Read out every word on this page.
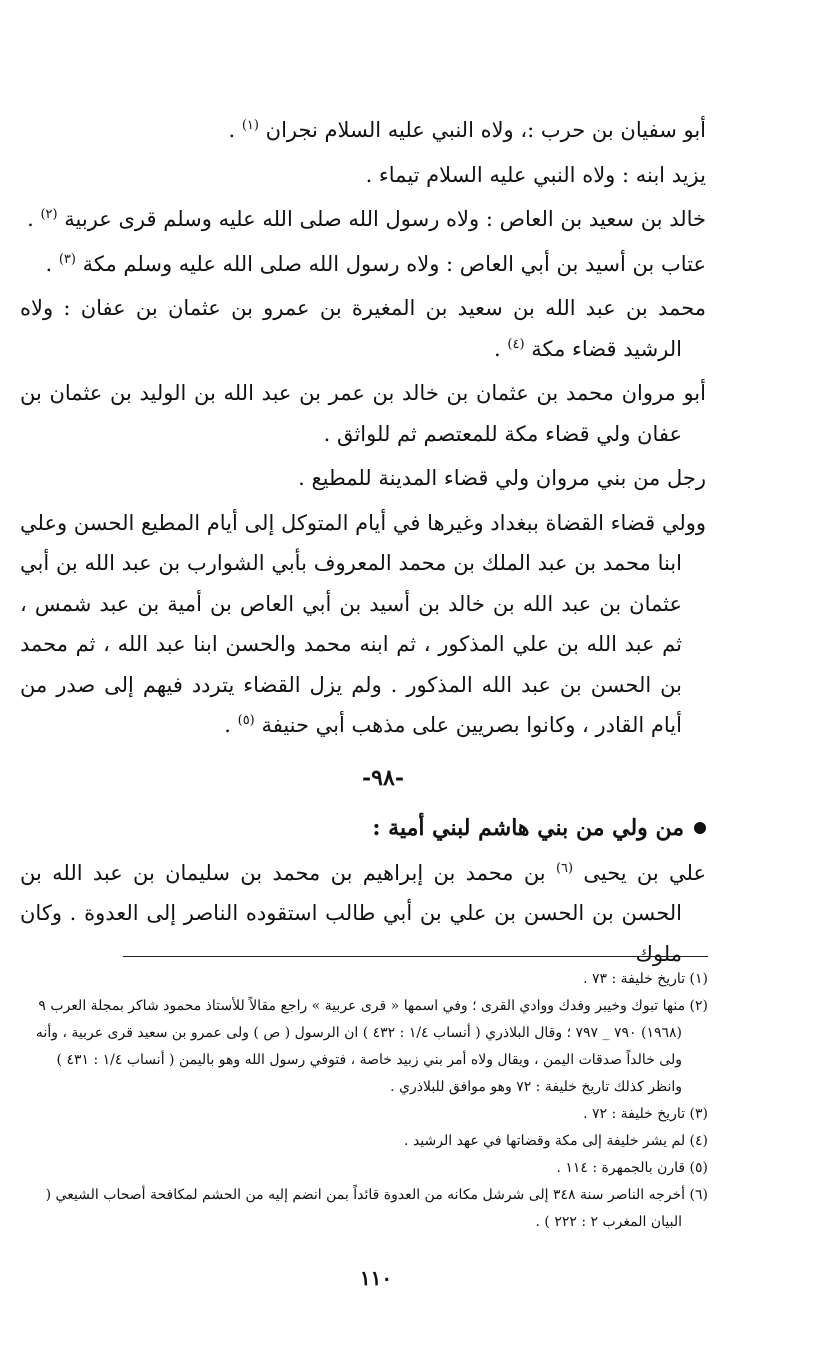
أبو سفيان بن حرب :، ولاه النبي عليه السلام نجران $^{(١)}$ .

يزيد ابنه : ولاه النبي عليه السلام تيماء .

خالد بن سعيد بن العاص : ولاه رسول الله صلى الله عليه وسلم قرى عربية $^{(٢)}$ .

عتاب بن أسيد بن أبي العاص : ولاه رسول الله صلى الله عليه وسلم مكة $^{(٣)}$ .

محمد بن عبد الله بن سعيد بن المغيرة بن عمرو بن عثمان بن عفان : ولاه الرشيد قضاء مكة $^{(٤)}$ .

أبو مروان محمد بن عثمان بن خالد بن عمر بن عبد الله بن الوليد بن عثمان بن عفان ولي قضاء مكة للمعتصم ثم للواثق .

رجل من بني مروان ولي قضاء المدينة للمطيع .

وولي قضاء القضاة ببغداد وغيرها في أيام المتوكل إلى أيام المطيع الحسن وعلي ابنا محمد بن عبد الملك بن محمد المعروف بأبي الشوارب بن عبد الله بن أبي عثمان بن عبد الله بن خالد بن أسيد بن أبي العاص بن أمية بن عبد شمس ، ثم عبد الله بن علي المذكور ، ثم ابنه محمد والحسن ابنا عبد الله ، ثم محمد بن الحسن بن عبد الله المذكور . ولم يزل القضاء يتردد فيهم إلى صدر من أيام القادر ، وكانوا بصريين على مذهب أبي حنيفة $^{(٥)}$ .

-٩٨-
من ولي من بني هاشم لبني أمية :

علي بن يحيى $^{(٦)}$ بن محمد بن إبراهيم بن محمد بن سليمان بن عبد الله بن الحسن بن الحسن بن علي بن أبي طالب استقوده الناصر إلى العدوة . وكان ملوك

(١) تاريخ خليفة : ٧٣ .

(٢) منها تبوك وخيبر وفدك ووادي القرى ؛ وفي اسمها « قرى عربية » راجع مقالاً للأستاذ محمود شاكر بمجلة العرب ٩ (١٩٦٨) ٧٩٠ _ ٧٩٧ ؛ وقال البلاذري ( أنساب ١/٤ : ٤٣٢ ) ان الرسول ( ص ) ولى عمرو بن سعيد قرى عربية ، وأنه ولى خالداً صدقات اليمن ، ويقال ولاه أمر بني زبيد خاصة ، فتوفي رسول الله وهو باليمن ( أنساب ١/٤ : ٤٣١ ) وانظر كذلك تاريخ خليفة : ٧٢ وهو موافق للبلاذري .

(٣) تاريخ خليفة : ٧٢ .

(٤) لم يشر خليفة إلى مكة وقضاتها في عهد الرشيد .

(٥) قارن بالجمهرة : ١١٤ .

(٦) أخرجه الناصر سنة ٣٤٨ إلى شرشل مكانه من العدوة قائداً بمن انضم إليه من الحشم لمكافحة أصحاب الشيعي ( البيان المغرب ٢ : ٢٢٢ ) .

١١٠
